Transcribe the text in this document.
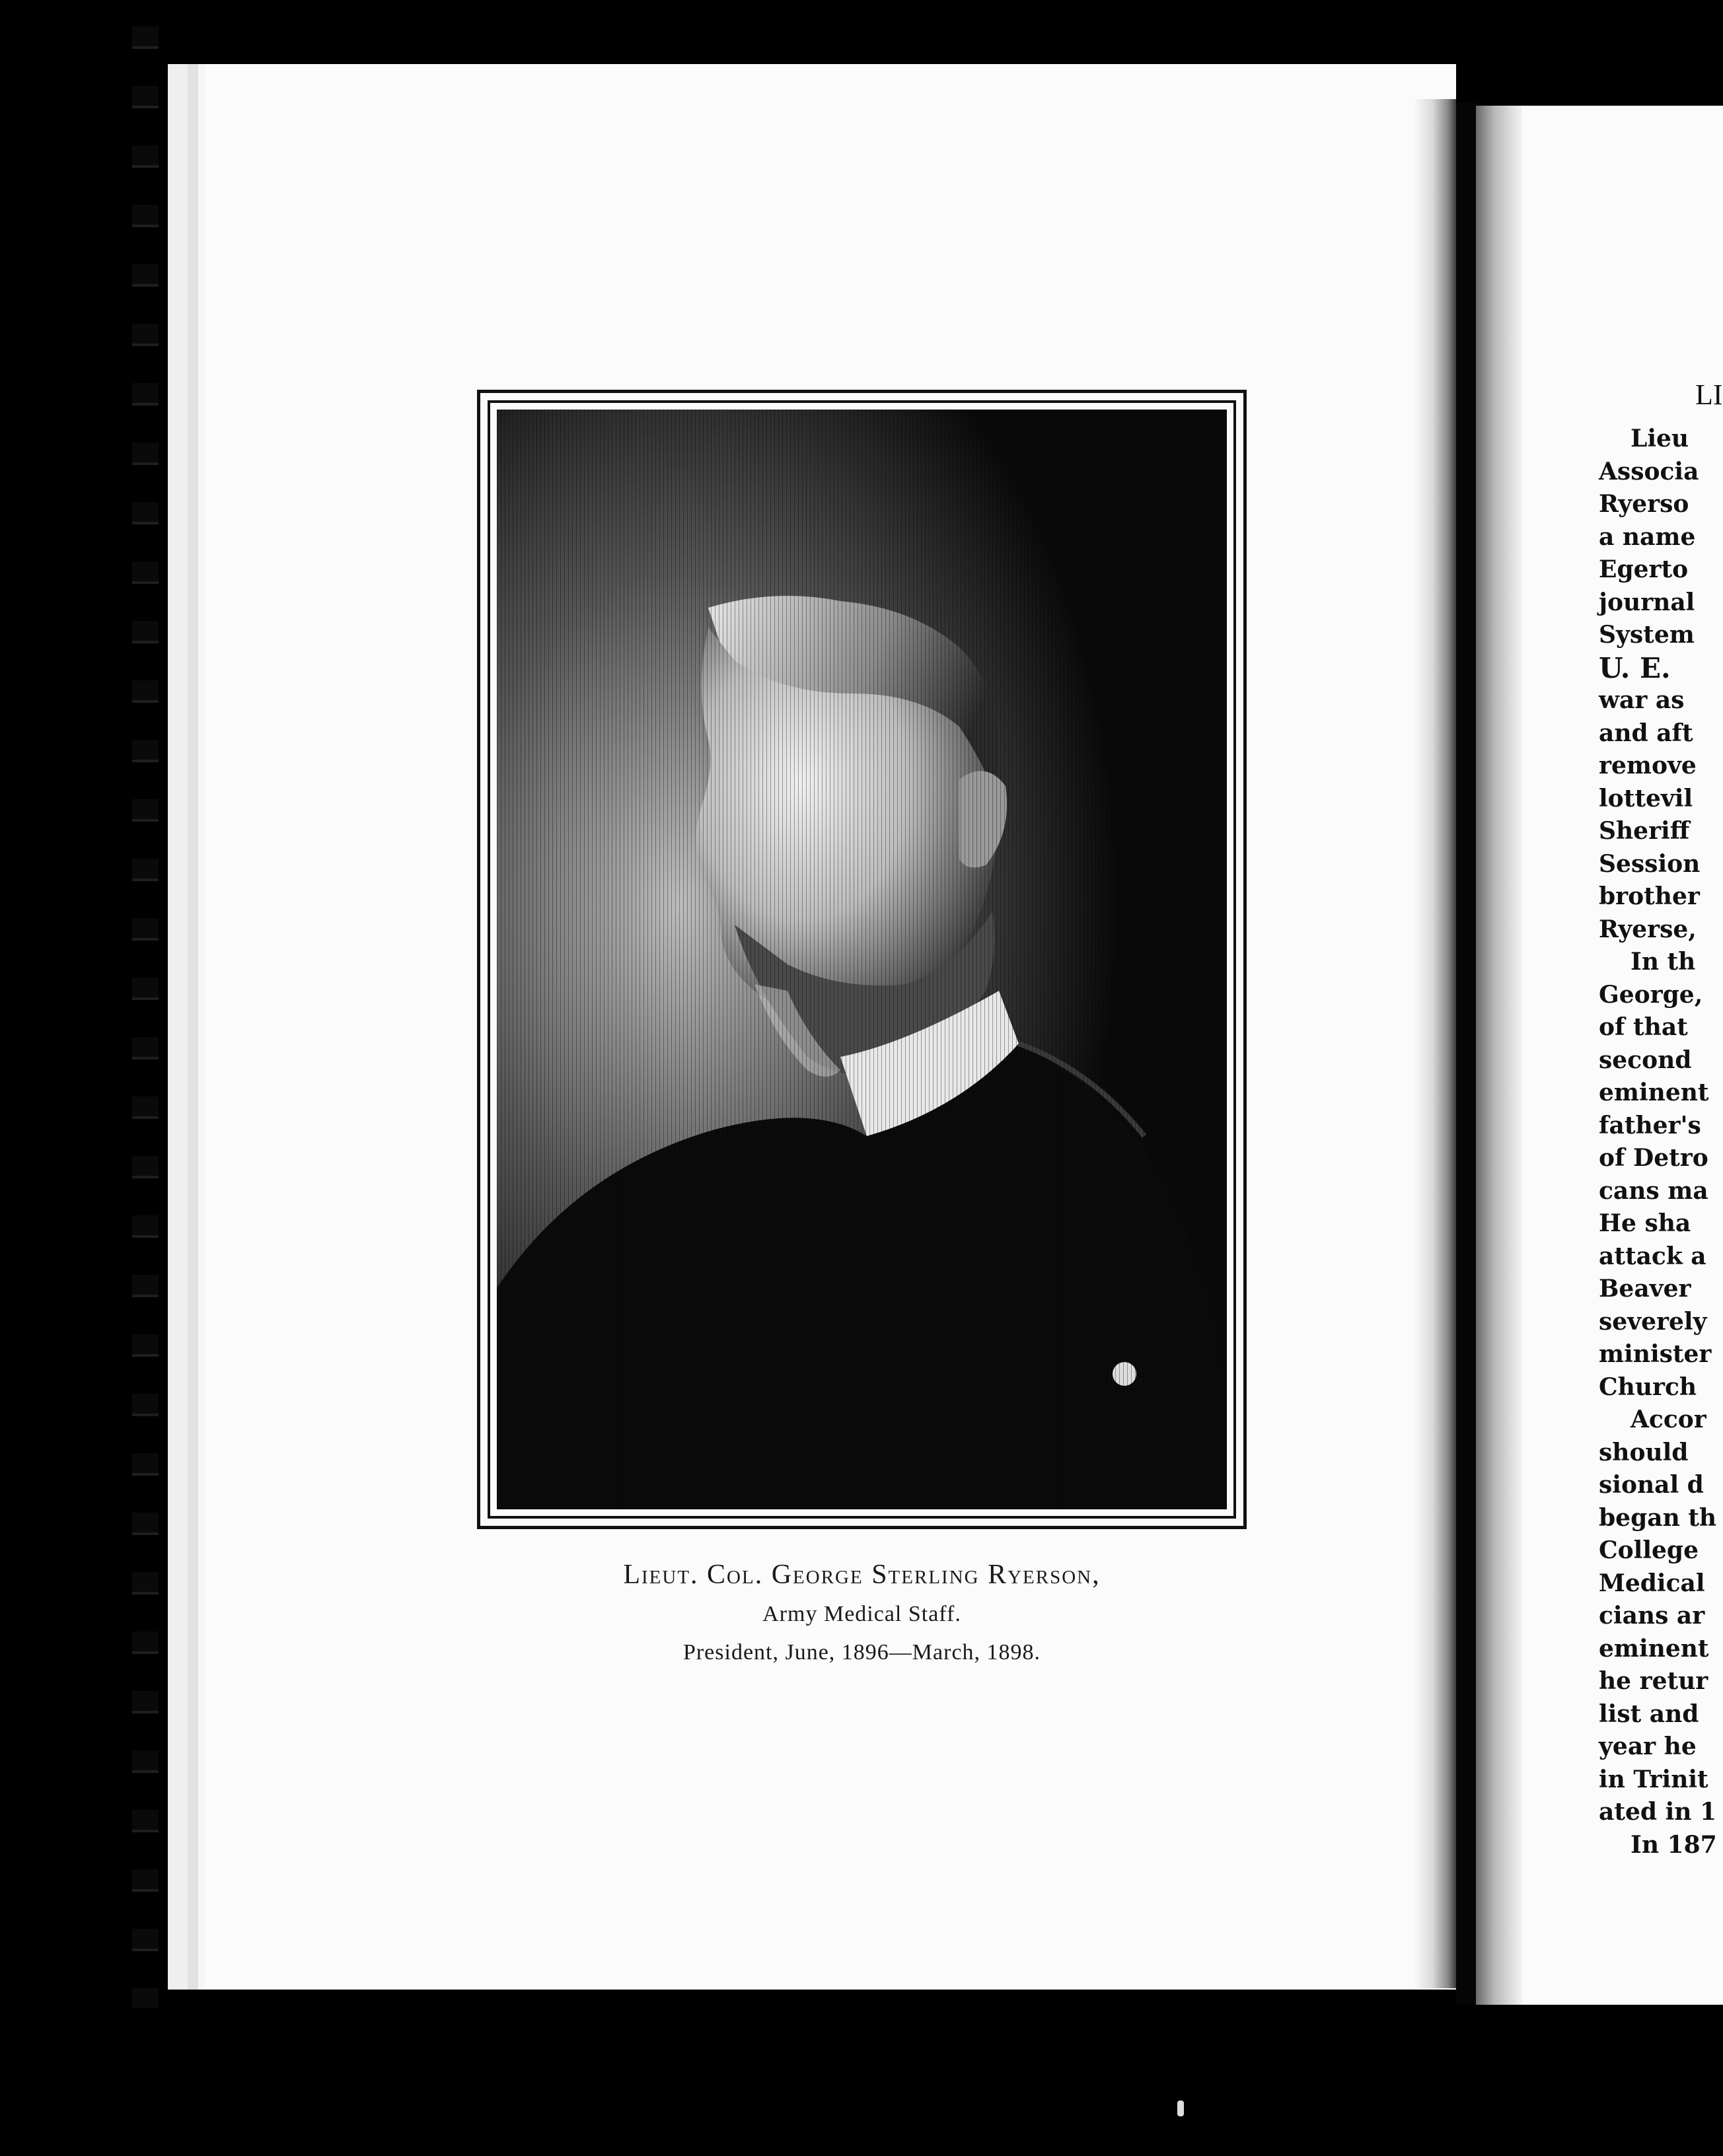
Lieut. Col. George Sterling Ryerson,

Army Medical Staff.

President, June, 1896—March, 1898.

LI

Lieu
Associa
Ryerso
a name
Egerto
journal
System
U. E.
war as
and aft
remove
lottevil
Sheriff
Session
brother
Ryerse,
In th
George,
of that
second
eminent
father's
of Detro
cans ma
He sha
attack a
Beaver
severely
minister
Church
Accor
should
sional d
began th
College
Medical
cians ar
eminent
he retur
list and
year he
in Trinit
ated in 1
In 187
